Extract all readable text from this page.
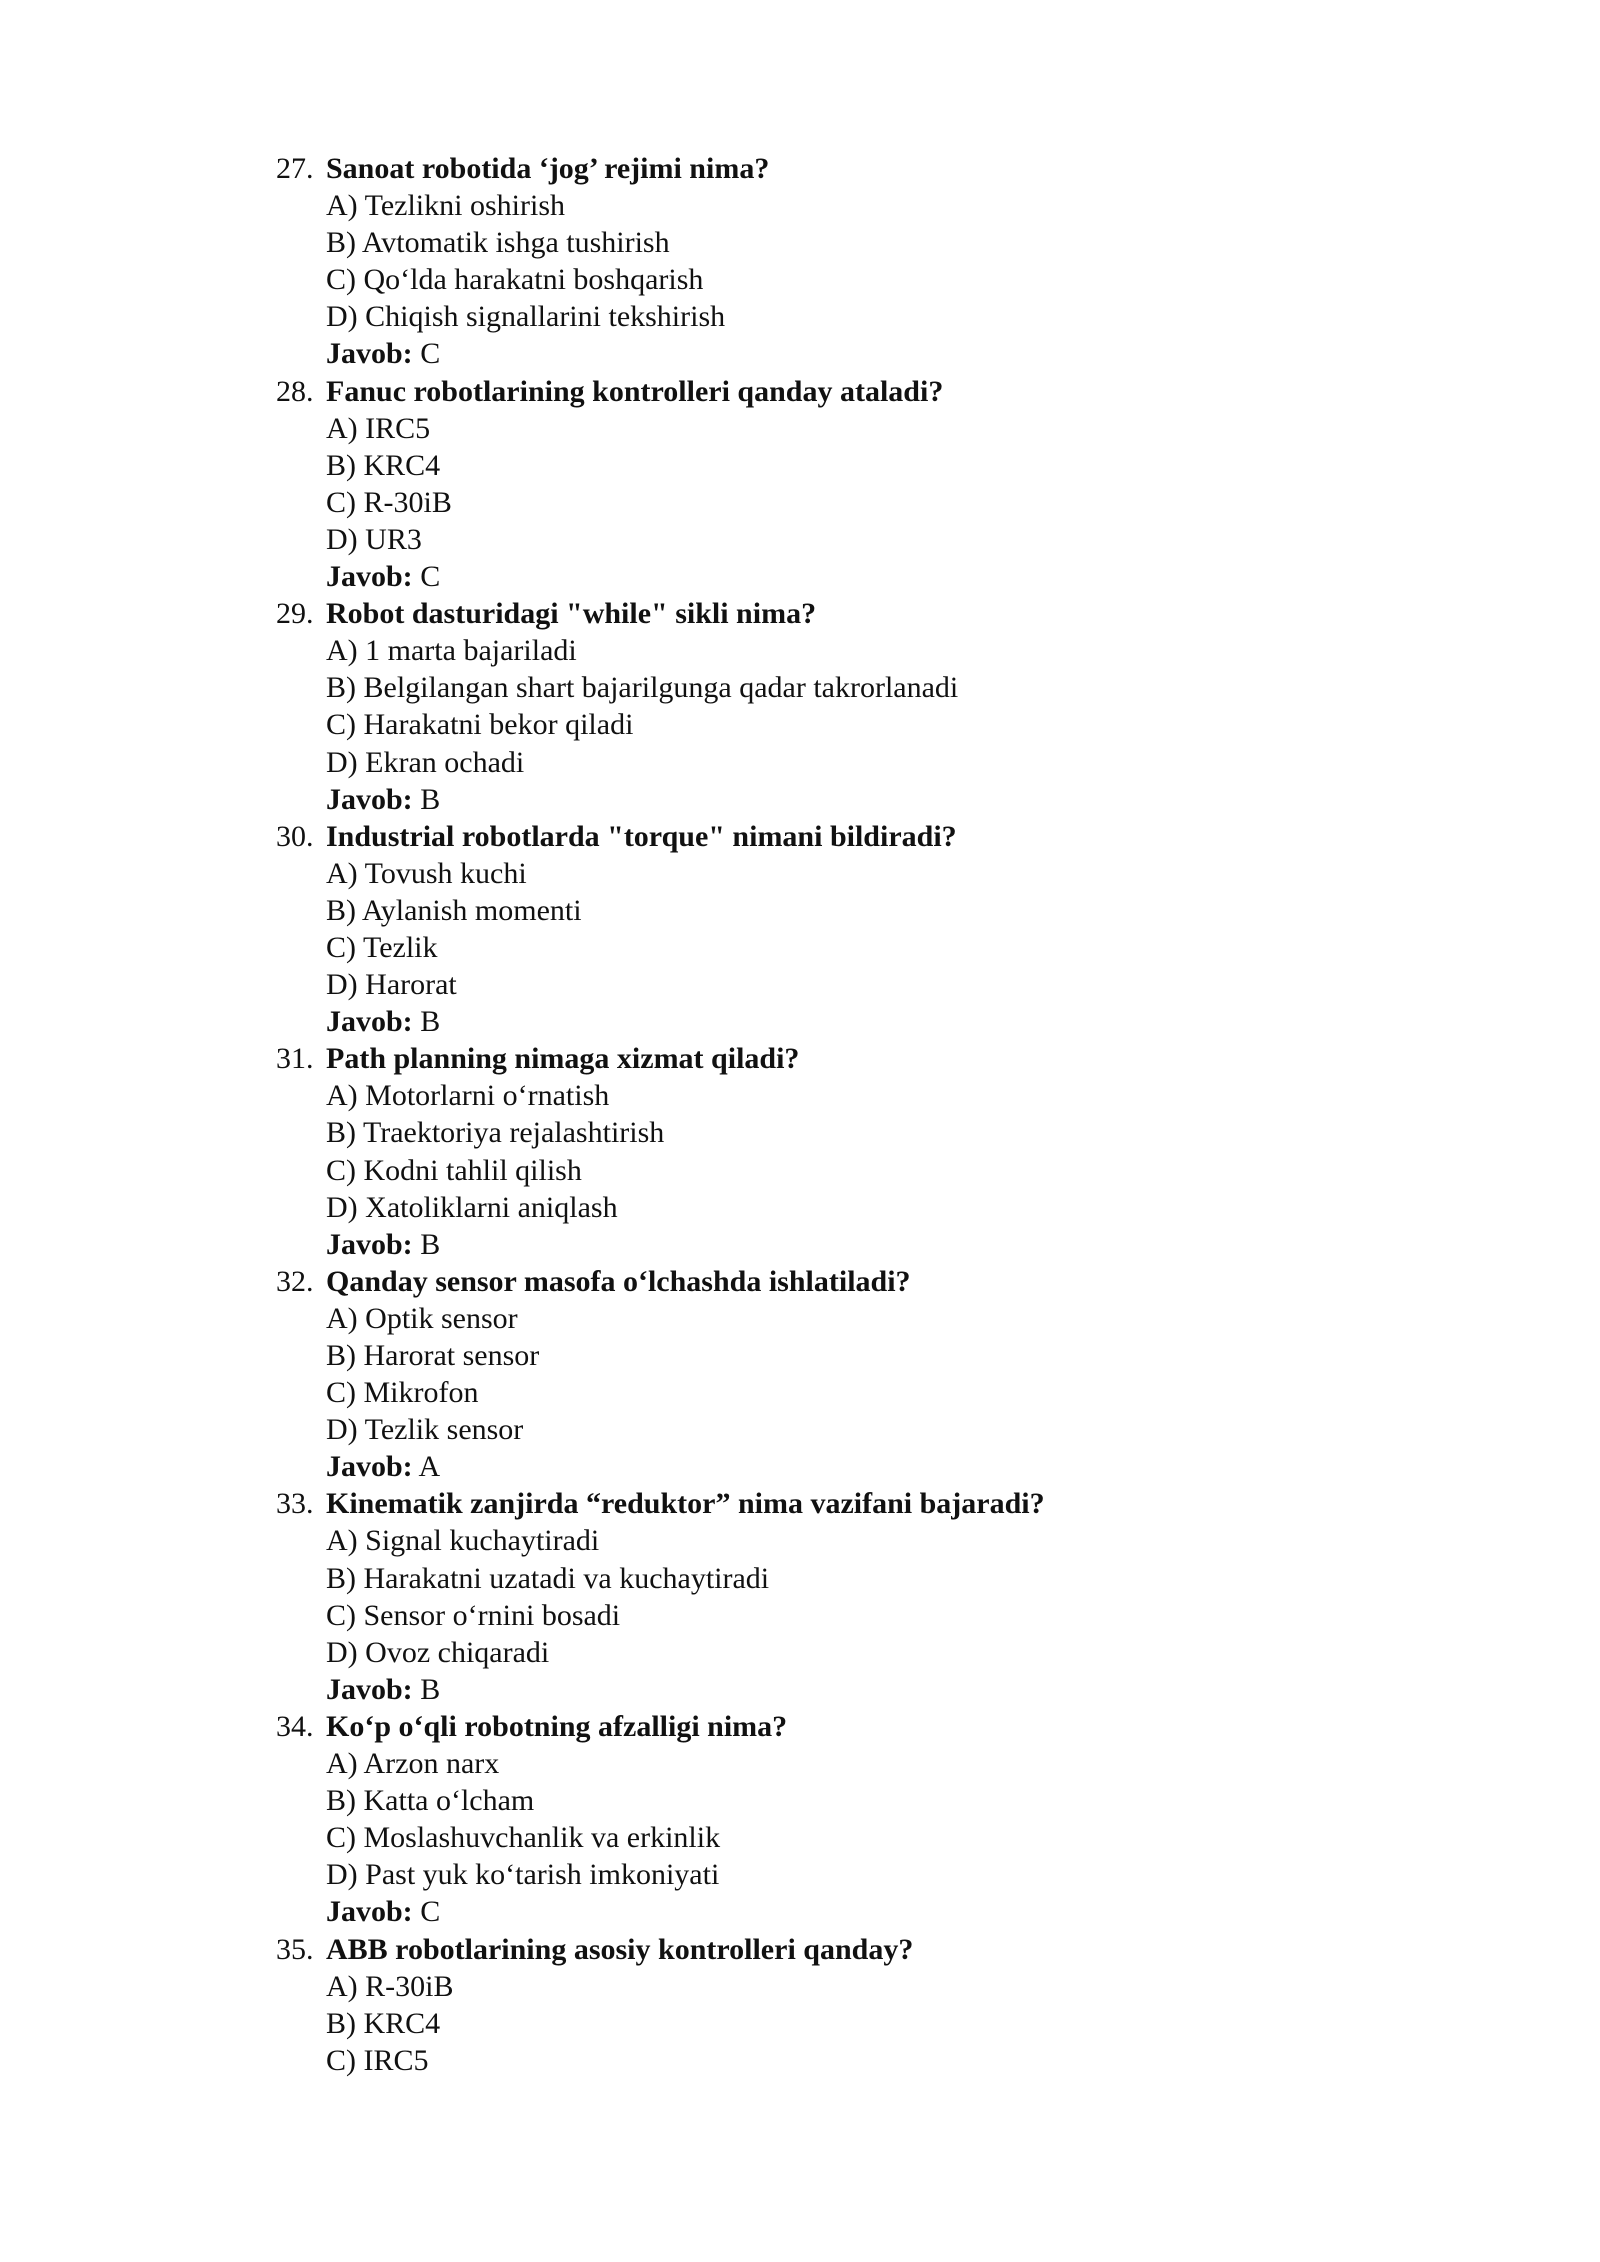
27. Sanoat robotida ‘jog’ rejimi nima?
A) Tezlikni oshirish
B) Avtomatik ishga tushirish
C) Qo‘lda harakatni boshqarish
D) Chiqish signallarini tekshirish
Javob: C
28. Fanuc robotlarining kontrolleri qanday ataladi?
A) IRC5
B) KRC4
C) R-30iB
D) UR3
Javob: C
29. Robot dasturidagi "while" sikli nima?
A) 1 marta bajariladi
B) Belgilangan shart bajarilgunga qadar takrorlanadi
C) Harakatni bekor qiladi
D) Ekran ochadi
Javob: B
30. Industrial robotlarda "torque" nimani bildiradi?
A) Tovush kuchi
B) Aylanish momenti
C) Tezlik
D) Harorat
Javob: B
31. Path planning nimaga xizmat qiladi?
A) Motorlarni o‘rnatish
B) Traektoriya rejalashtirish
C) Kodni tahlil qilish
D) Xatoliklarni aniqlash
Javob: B
32. Qanday sensor masofa o‘lchashda ishlatiladi?
A) Optik sensor
B) Harorat sensor
C) Mikrofon
D) Tezlik sensor
Javob: A
33. Kinematik zanjirda “reduktor” nima vazifani bajaradi?
A) Signal kuchaytiradi
B) Harakatni uzatadi va kuchaytiradi
C) Sensor o‘rnini bosadi
D) Ovoz chiqaradi
Javob: B
34. Ko‘p o‘qli robotning afzalligi nima?
A) Arzon narx
B) Katta o‘lcham
C) Moslashuvchanlik va erkinlik
D) Past yuk ko‘tarish imkoniyati
Javob: C
35. ABB robotlarining asosiy kontrolleri qanday?
A) R-30iB
B) KRC4
C) IRC5
